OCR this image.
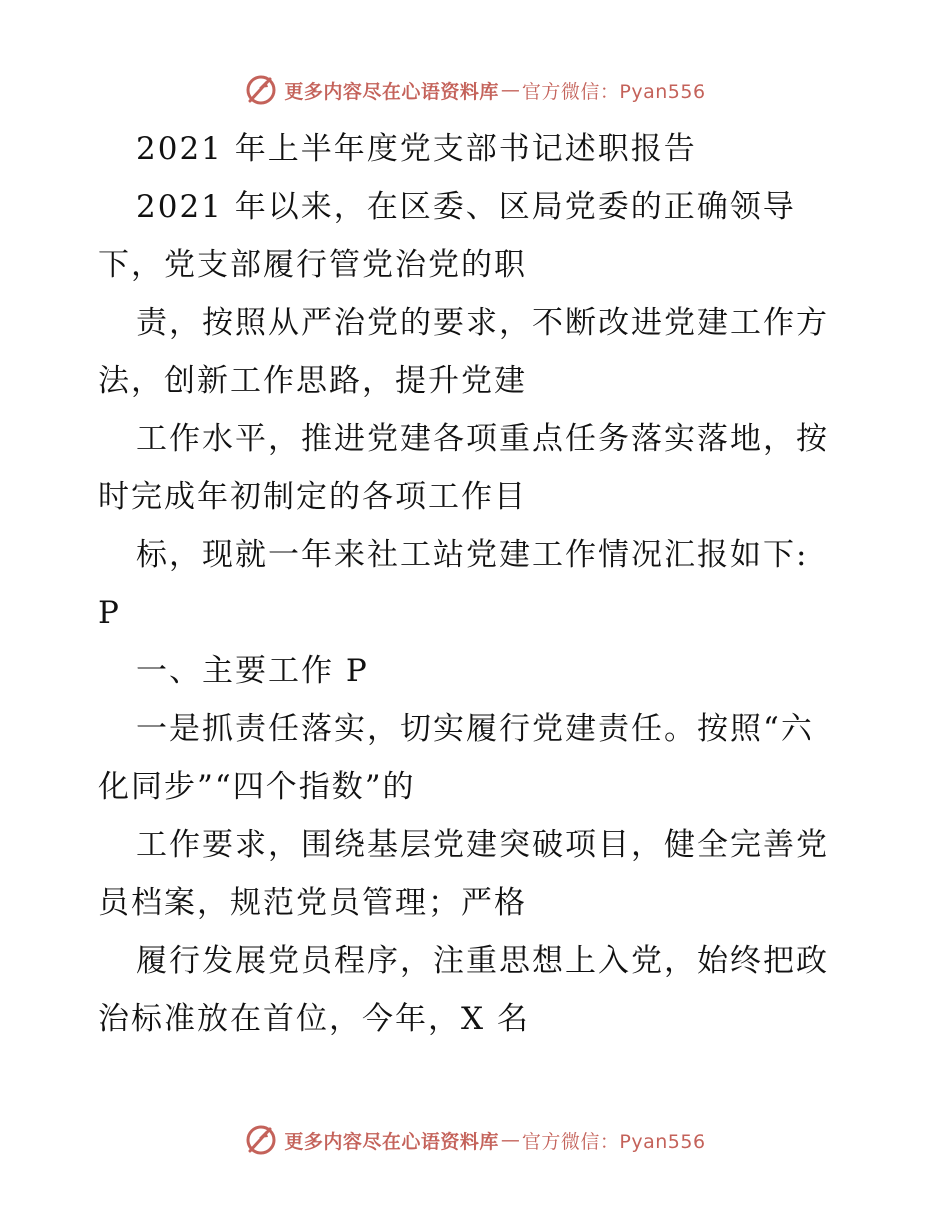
更多内容尽在心语资料库 — 官方微信：Pyan556
2021 年上半年度党支部书记述职报告
2021 年以来，在区委、区局党委的正确领导
下，党支部履行管党治党的职
责，按照从严治党的要求，不断改进党建工作方
法，创新工作思路，提升党建
工作水平，推进党建各项重点任务落实落地，按
时完成年初制定的各项工作目
标，现就一年来社工站党建工作情况汇报如下:
P
一、主要工作 P
一是抓责任落实，切实履行党建责任。按照“六
化同步”“四个指数”的
工作要求，围绕基层党建突破项目，健全完善党
员档案，规范党员管理；严格
履行发展党员程序，注重思想上入党，始终把政
治标准放在首位，今年，X 名
更多内容尽在心语资料库 — 官方微信：Pyan556
